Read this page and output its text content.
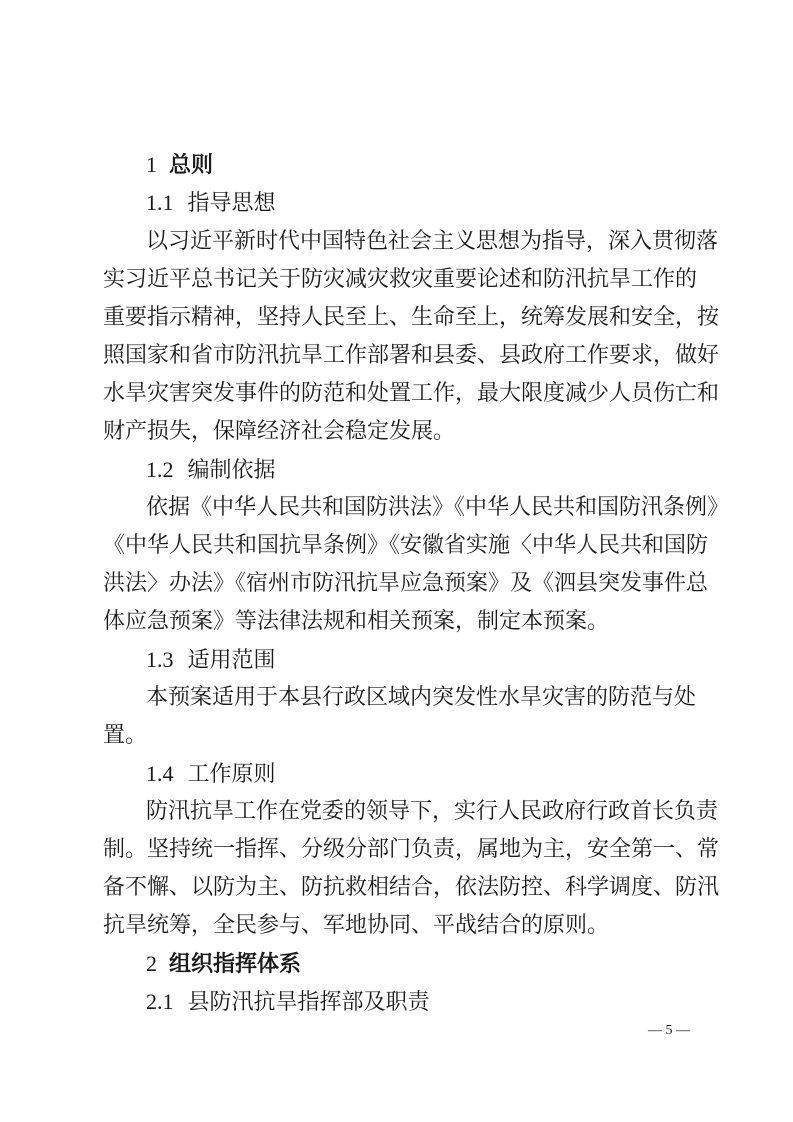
1 总则
1.1 指导思想
以习近平新时代中国特色社会主义思想为指导，深入贯彻落
实习近平总书记关于防灾减灾救灾重要论述和防汛抗旱工作的
重要指示精神，坚持人民至上、生命至上，统筹发展和安全，按
照国家和省市防汛抗旱工作部署和县委、县政府工作要求，做好
水旱灾害突发事件的防范和处置工作，最大限度减少人员伤亡和
财产损失，保障经济社会稳定发展。
1.2 编制依据
依据《中华人民共和国防洪法》《中华人民共和国防汛条例》
《中华人民共和国抗旱条例》《安徽省实施〈中华人民共和国防
洪法〉办法》《宿州市防汛抗旱应急预案》及《泗县突发事件总
体应急预案》等法律法规和相关预案，制定本预案。
1.3 适用范围
本预案适用于本县行政区域内突发性水旱灾害的防范与处
置。
1.4 工作原则
防汛抗旱工作在党委的领导下，实行人民政府行政首长负责
制。坚持统一指挥、分级分部门负责，属地为主，安全第一、常
备不懈、以防为主、防抗救相结合，依法防控、科学调度、防汛
抗旱统筹，全民参与、军地协同、平战结合的原则。
2 组织指挥体系
2.1 县防汛抗旱指挥部及职责
— 5 —
